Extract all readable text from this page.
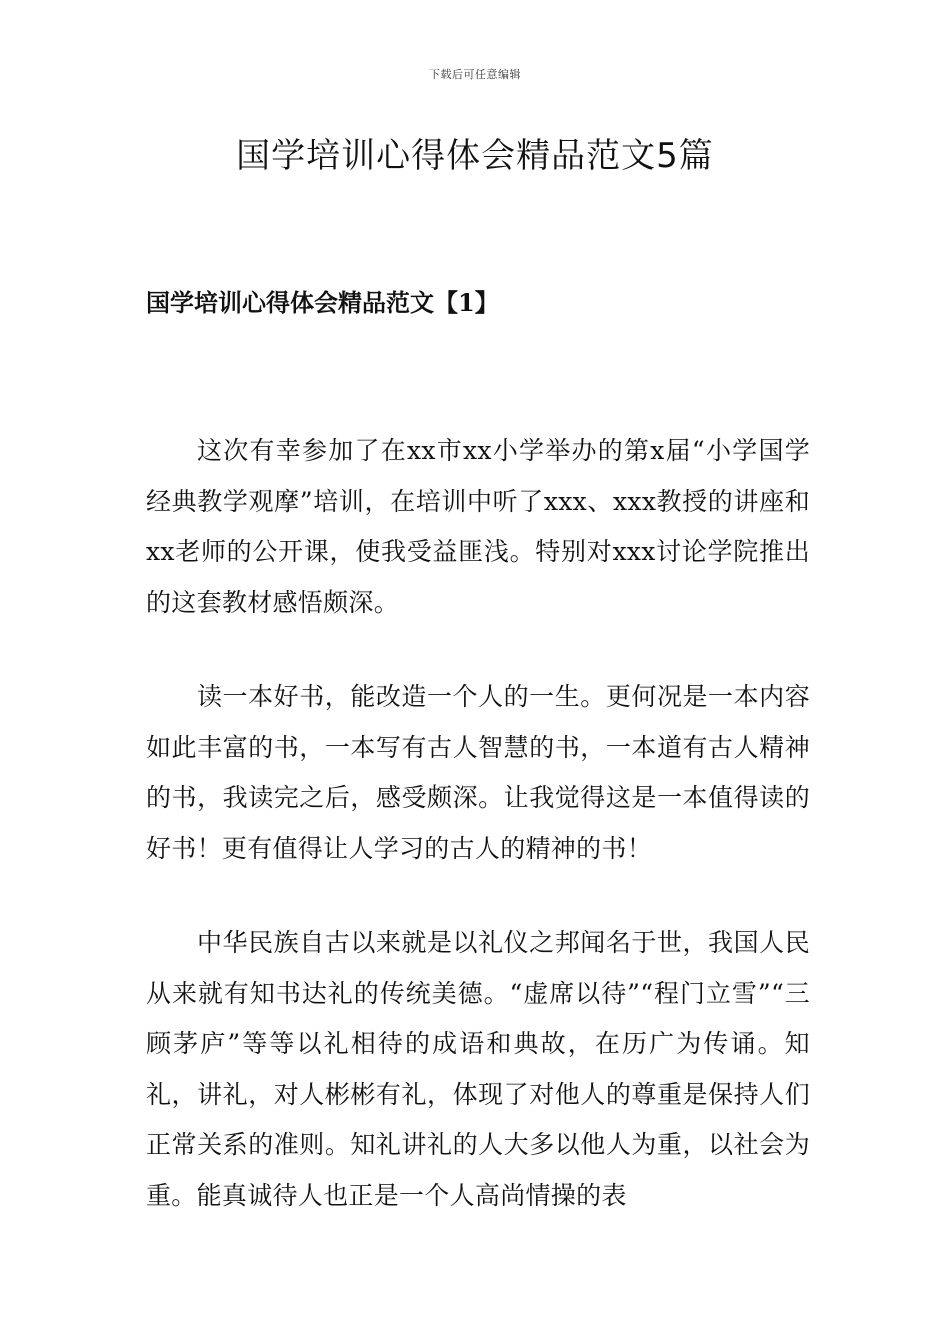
下载后可任意编辑
国学培训心得体会精品范文5篇
国学培训心得体会精品范文【1】

这次有幸参加了在xx市xx小学举办的第x届“小学国学经典教学观摩”培训，在培训中听了xxx、xxx教授的讲座和xx老师的公开课，使我受益匪浅。特别对xxx讨论学院推出的这套教材感悟颇深。

读一本好书，能改造一个人的一生。更何况是一本内容如此丰富的书，一本写有古人智慧的书，一本道有古人精神的书，我读完之后，感受颇深。让我觉得这是一本值得读的好书！更有值得让人学习的古人的精神的书！

中华民族自古以来就是以礼仪之邦闻名于世，我国人民从来就有知书达礼的传统美德。“虚席以待”“程门立雪”“三顾茅庐”等等以礼相待的成语和典故，在历广为传诵。知礼，讲礼，对人彬彬有礼，体现了对他人的尊重是保持人们正常关系的准则。知礼讲礼的人大多以他人为重，以社会为重。能真诚待人也正是一个人高尚情操的表
